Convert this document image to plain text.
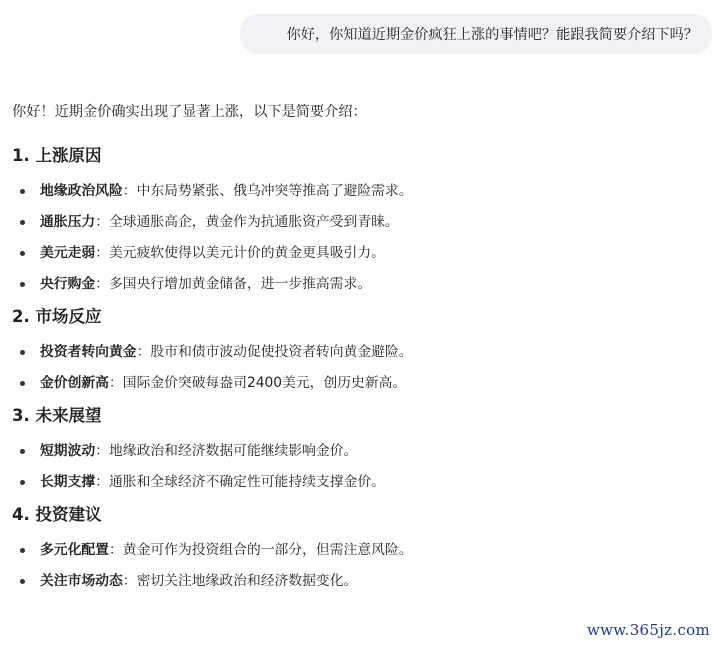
你好，你知道近期金价疯狂上涨的事情吧？能跟我简要介绍下吗？

你好！近期金价确实出现了显著上涨，以下是简要介绍：

1. 上涨原因
地缘政治风险：中东局势紧张、俄乌冲突等推高了避险需求。
通胀压力：全球通胀高企，黄金作为抗通胀资产受到青睐。
美元走弱：美元疲软使得以美元计价的黄金更具吸引力。
央行购金：多国央行增加黄金储备，进一步推高需求。
2. 市场反应
投资者转向黄金：股市和债市波动促使投资者转向黄金避险。
金价创新高：国际金价突破每盎司2400美元，创历史新高。
3. 未来展望
短期波动：地缘政治和经济数据可能继续影响金价。
长期支撑：通胀和全球经济不确定性可能持续支撑金价。
4. 投资建议
多元化配置：黄金可作为投资组合的一部分，但需注意风险。
关注市场动态：密切关注地缘政治和经济数据变化。
www.365jz.com
